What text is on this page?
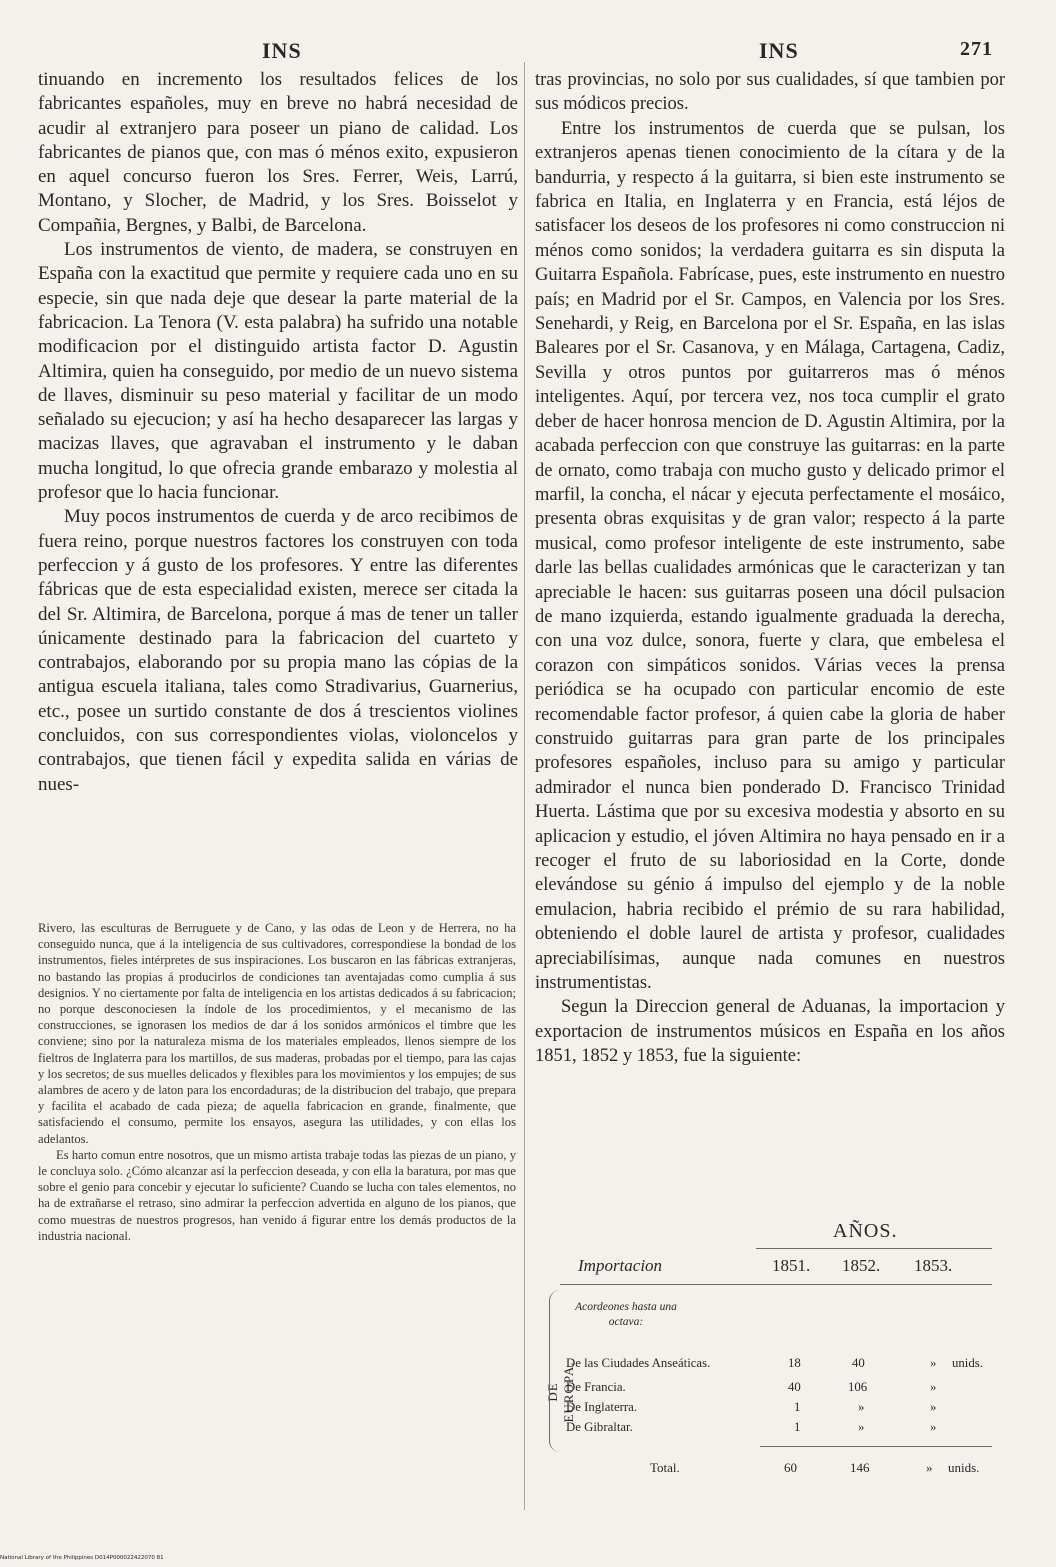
INS	INS	271

tinuando en incremento los resultados felices de los fabricantes españoles, muy en breve no habrá necesidad de acudir al extranjero para poseer un piano de calidad. Los fabricantes de pianos que, con mas ó ménos exito, expusieron en aquel concurso fueron los Sres. Ferrer, Weis, Larrú, Montano, y Slocher, de Madrid, y los Sres. Boisselot y Compañia, Bergnes, y Balbi, de Barcelona.

Los instrumentos de viento, de madera, se construyen en España con la exactitud que permite y requiere cada uno en su especie, sin que nada deje que desear la parte material de la fabricacion. La Tenora (V. esta palabra) ha sufrido una notable modificacion por el distinguido artista factor D. Agustin Altimira, quien ha conseguido, por medio de un nuevo sistema de llaves, disminuir su peso material y facilitar de un modo señalado su ejecucion; y así ha hecho desaparecer las largas y macizas llaves, que agravaban el instrumento y le daban mucha longitud, lo que ofrecia grande embarazo y molestia al profesor que lo hacia funcionar.

Muy pocos instrumentos de cuerda y de arco recibimos de fuera reino, porque nuestros factores los construyen con toda perfeccion y á gusto de los profesores. Y entre las diferentes fábricas que de esta especialidad existen, merece ser citada la del Sr. Altimira, de Barcelona, porque á mas de tener un taller únicamente destinado para la fabricacion del cuarteto y contrabajos, elaborando por su propia mano las cópias de la antigua escuela italiana, tales como Stradivarius, Guarnerius, etc., posee un surtido constante de dos á trescientos violines concluidos, con sus correspondientes violas, violoncelos y contrabajos, que tienen fácil y expedita salida en várias de nues-

Rivero, las esculturas de Berruguete y de Cano, y las odas de Leon y de Herrera, no ha conseguido nunca, que á la inteligencia de sus cultivadores, correspondiese la bondad de los instrumentos, fieles intérpretes de sus inspiraciones. Los buscaron en las fábricas extranjeras, no bastando las propias á producirlos de condiciones tan aventajadas como cumplia á sus designios. Y no ciertamente por falta de inteligencia en los artistas dedicados á su fabricacion; no porque desconociesen la índole de los procedimientos, y el mecanismo de las construcciones, se ignorasen los medios de dar á los sonidos armónicos el timbre que les conviene; sino por la naturaleza misma de los materiales empleados, llenos siempre de los fieltros de Inglaterra para los martillos, de sus maderas, probadas por el tiempo, para las cajas y los secretos; de sus muelles delicados y flexibles para los movimientos y los empujes; de sus alambres de acero y de laton para los encordaduras; de la distribucion del trabajo, que prepara y facilita el acabado de cada pieza; de aquella fabricacion en grande, finalmente, que satisfaciendo el consumo, permite los ensayos, asegura las utilidades, y con ellas los adelantos.

Es harto comun entre nosotros, que un mismo artista trabaje todas las piezas de un piano, y le concluya solo. ¿Cómo alcanzar así la perfeccion deseada, y con ella la baratura, por mas que sobre el genio para concebir y ejecutar lo suficiente? Cuando se lucha con tales elementos, no ha de extrañarse el retraso, sino admirar la perfeccion advertida en alguno de los pianos, que como muestras de nuestros progresos, han venido á figurar entre los demás productos de la industria nacional.

tras provincias, no solo por sus cualidades, sí que tambien por sus módicos precios.

Entre los instrumentos de cuerda que se pulsan, los extranjeros apenas tienen conocimiento de la cítara y de la bandurria, y respecto á la guitarra, si bien este instrumento se fabrica en Italia, en Inglaterra y en Francia, está léjos de satisfacer los deseos de los profesores ni como construccion ni ménos como sonidos; la verdadera guitarra es sin disputa la Guitarra Española. Fabrícase, pues, este instrumento en nuestro país; en Madrid por el Sr. Campos, en Valencia por los Sres. Senehardi, y Reig, en Barcelona por el Sr. España, en las islas Baleares por el Sr. Casanova, y en Málaga, Cartagena, Cadiz, Sevilla y otros puntos por guitarreros mas ó ménos inteligentes. Aquí, por tercera vez, nos toca cumplir el grato deber de hacer honrosa mencion de D. Agustin Altimira, por la acabada perfeccion con que construye las guitarras: en la parte de ornato, como trabaja con mucho gusto y delicado primor el marfil, la concha, el nácar y ejecuta perfectamente el mosáico, presenta obras exquisitas y de gran valor; respecto á la parte musical, como profesor inteligente de este instrumento, sabe darle las bellas cualidades armónicas que le caracterizan y tan apreciable le hacen: sus guitarras poseen una dócil pulsacion de mano izquierda, estando igualmente graduada la derecha, con una voz dulce, sonora, fuerte y clara, que embelesa el corazon con simpáticos sonidos. Várias veces la prensa periódica se ha ocupado con particular encomio de este recomendable factor profesor, á quien cabe la gloria de haber construido guitarras para gran parte de los principales profesores españoles, incluso para su amigo y particular admirador el nunca bien ponderado D. Francisco Trinidad Huerta. Lástima que por su excesiva modestia y absorto en su aplicacion y estudio, el jóven Altimira no haya pensado en ir a recoger el fruto de su laboriosidad en la Corte, donde elevándose su génio á impulso del ejemplo y de la noble emulacion, habria recibido el prémio de su rara habilidad, obteniendo el doble laurel de artista y profesor, cualidades apreciabilísimas, aunque nada comunes en nuestros instrumentistas.

Segun la Direccion general de Aduanas, la importacion y exportacion de instrumentos músicos en España en los años 1851, 1852 y 1853, fue la siguiente:

AÑOS.
Importacion	1851. 1852. 1853.
DE EUROPA.
Acordeones hasta una octava:
De las Ciudades Anseáticas.	18	40	» unids.
De Francia.	40	106	»
De Inglaterra.	1	»	»
De Gibraltar.	1	»	»
Total.	60	146	» unids.
National Library of the Philippines D014P000022422070 81
